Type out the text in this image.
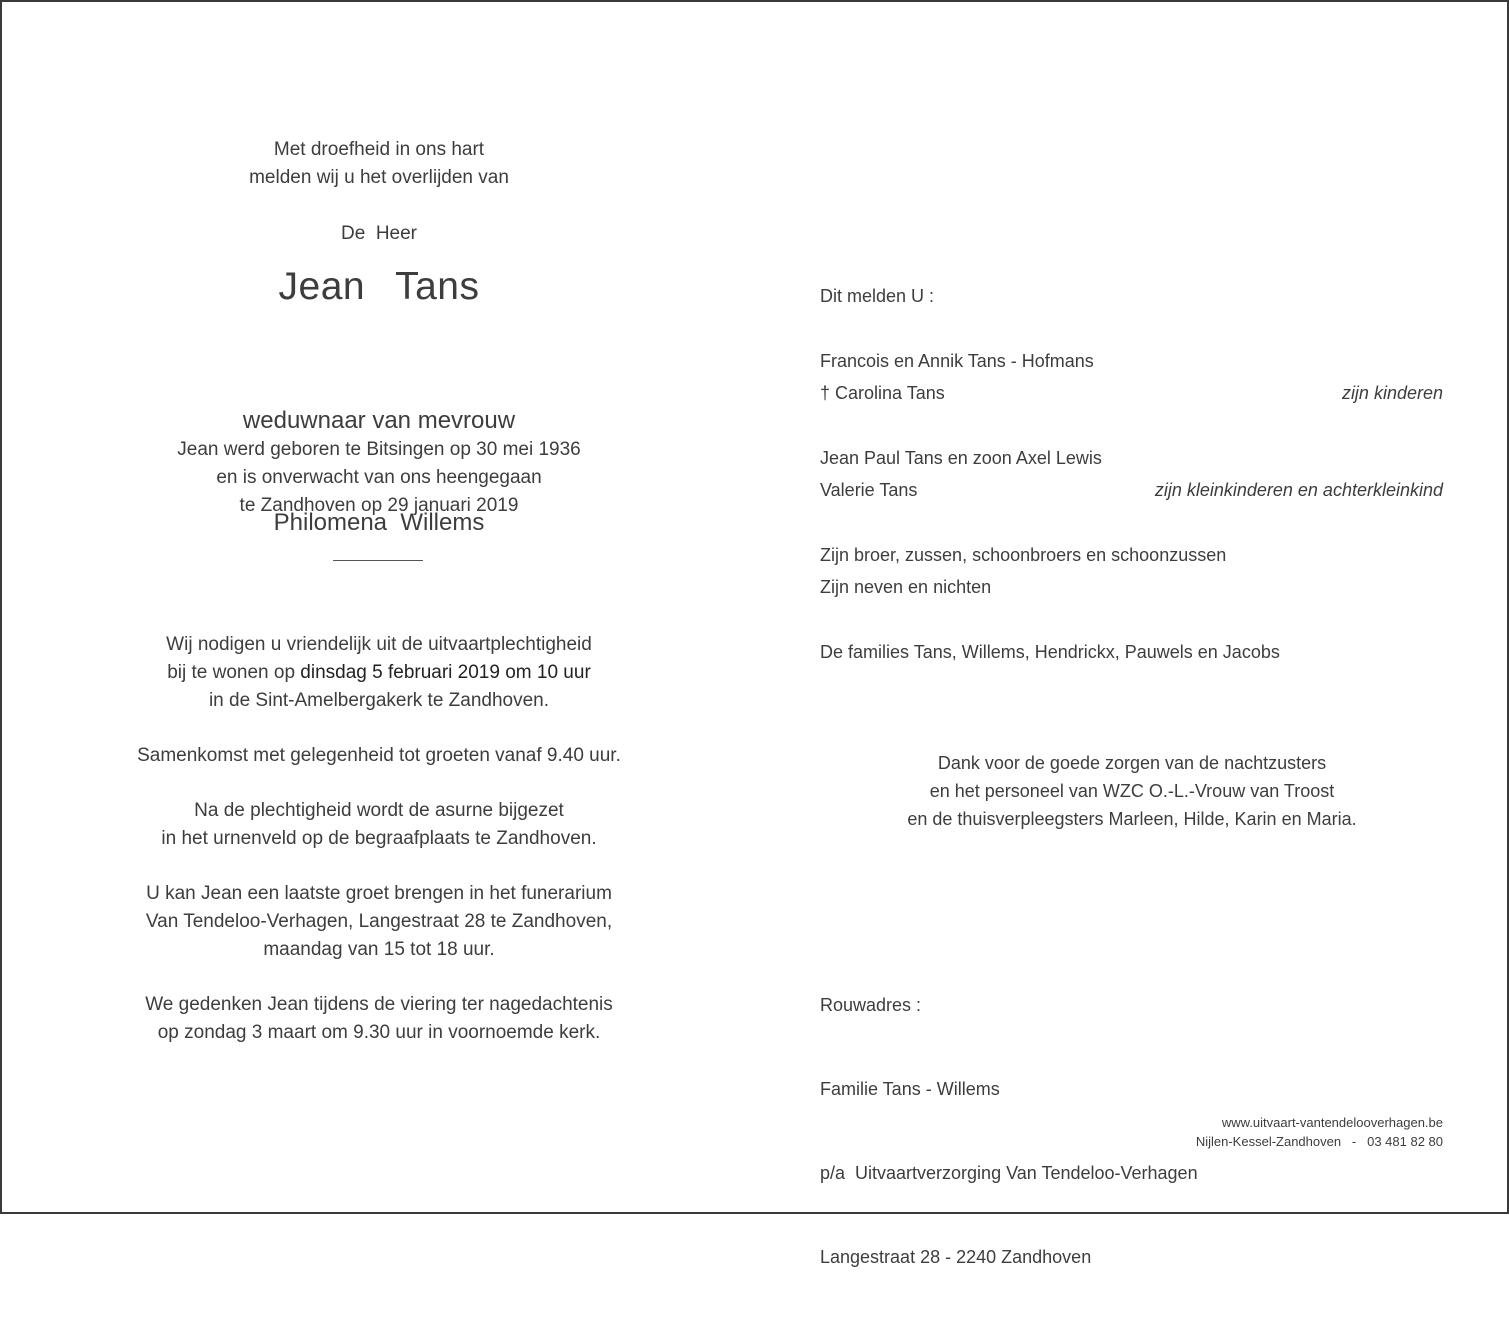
Met droefheid in ons hart
melden wij u het overlijden van
De  Heer
Jean  Tans

weduwnaar van mevrouw

Philomena  Willems

Jean werd geboren te Bitsingen op 30 mei 1936
en is onverwacht van ons heengegaan
te Zandhoven op 29 januari 2019
Wij nodigen u vriendelijk uit de uitvaartplechtigheid
bij te wonen op dinsdag 5 februari 2019 om 10 uur
in de Sint-Amelbergakerk te Zandhoven.
Samenkomst met gelegenheid tot groeten vanaf 9.40 uur.
Na de plechtigheid wordt de asurne bijgezet
in het urnenveld op de begraafplaats te Zandhoven.
U kan Jean een laatste groet brengen in het funerarium
Van Tendeloo-Verhagen, Langestraat 28 te Zandhoven,
maandag van 15 tot 18 uur.
We gedenken Jean tijdens de viering ter nagedachtenis
op zondag 3 maart om 9.30 uur in voornoemde kerk.
Dit melden U :
Francois en Annik Tans - Hofmans
† Carolina Tans	zijn kinderen
Jean Paul Tans en zoon Axel Lewis
Valerie Tans	zijn kleinkinderen en achterkleinkind
Zijn broer, zussen, schoonbroers en schoonzussen
Zijn neven en nichten
De families Tans, Willems, Hendrickx, Pauwels en Jacobs
Dank voor de goede zorgen van de nachtzusters
en het personeel van WZC O.-L.-Vrouw van Troost
en de thuisverpleegsters Marleen, Hilde, Karin en Maria.

Rouwadres :

Familie Tans - Willems

p/a  Uitvaartverzorging Van Tendeloo-Verhagen

Langestraat 28 - 2240 Zandhoven

www.uitvaart-vantendelooverhagen.be
Nijlen-Kessel-Zandhoven   -   03 481 82 80
